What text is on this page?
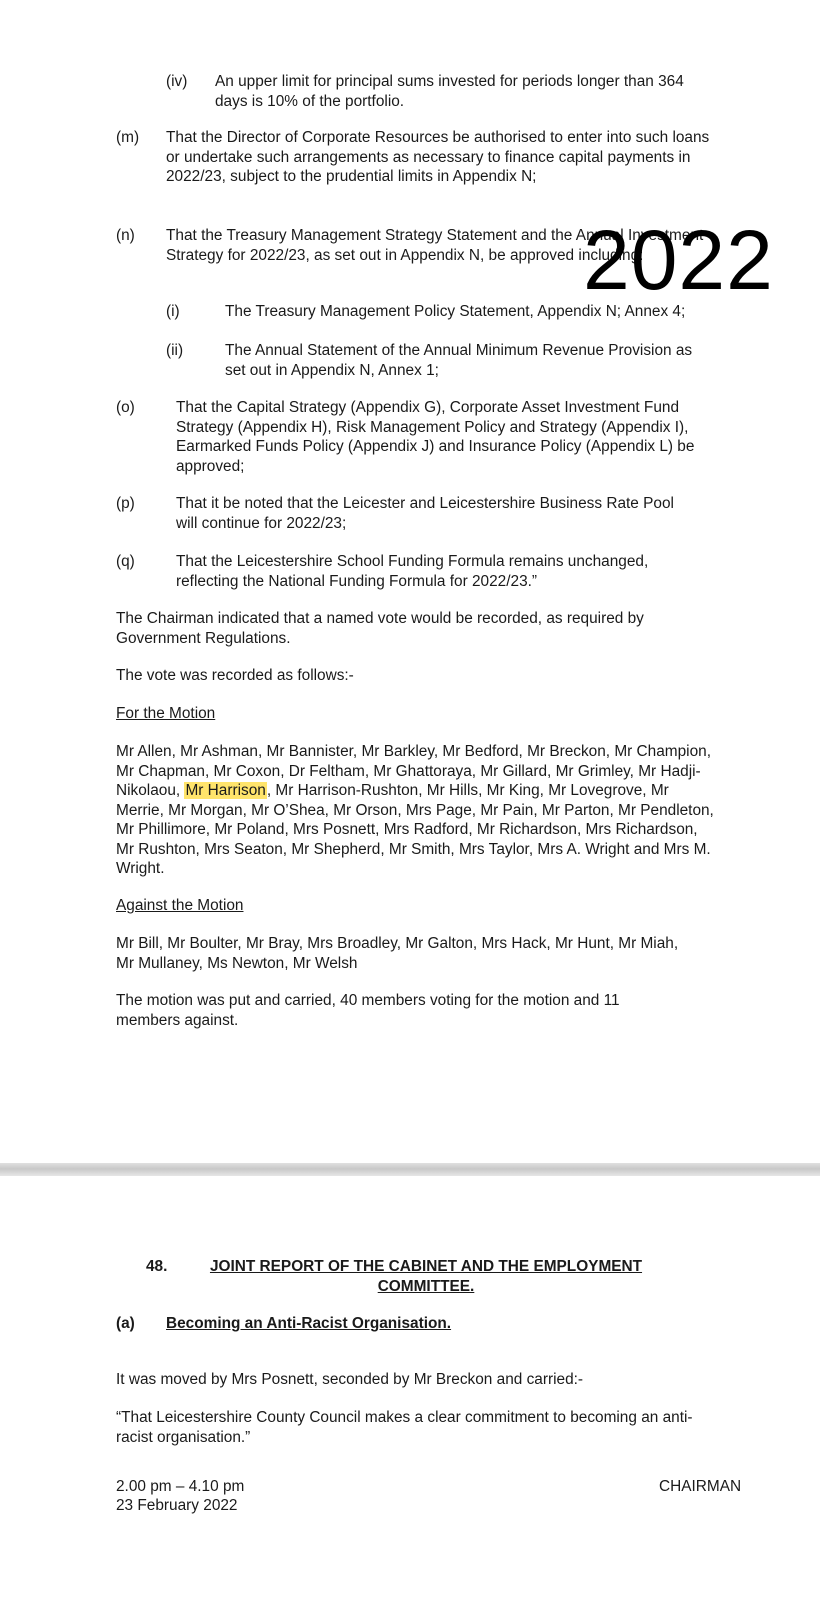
(iv) An upper limit for principal sums invested for periods longer than 364 days is 10% of the portfolio.
(m) That the Director of Corporate Resources be authorised to enter into such loans or undertake such arrangements as necessary to finance capital payments in 2022/23, subject to the prudential limits in Appendix N;
(n) That the Treasury Management Strategy Statement and the Annual Investment Strategy for 2022/23, as set out in Appendix N, be approved including:
(i)	The Treasury Management Policy Statement, Appendix N; Annex 4;
(ii)	The Annual Statement of the Annual Minimum Revenue Provision as set out in Appendix N, Annex 1;
(o)	That the Capital Strategy (Appendix G), Corporate Asset Investment Fund Strategy (Appendix H), Risk Management Policy and Strategy (Appendix I), Earmarked Funds Policy (Appendix J) and Insurance Policy (Appendix L) be approved;
(p)	That it be noted that the Leicester and Leicestershire Business Rate Pool will continue for 2022/23;
(q)	That the Leicestershire School Funding Formula remains unchanged, reflecting the National Funding Formula for 2022/23.”
The Chairman indicated that a named vote would be recorded, as required by Government Regulations.
The vote was recorded as follows:-
For the Motion
Mr Allen, Mr Ashman, Mr Bannister, Mr Barkley, Mr Bedford, Mr Breckon, Mr Champion, Mr Chapman, Mr Coxon, Dr Feltham, Mr Ghattoraya, Mr Gillard, Mr Grimley, Mr Hadji-Nikolaou, Mr Harrison, Mr Harrison-Rushton, Mr Hills, Mr King, Mr Lovegrove, Mr Merrie, Mr Morgan, Mr O’Shea, Mr Orson, Mrs Page, Mr Pain, Mr Parton, Mr Pendleton, Mr Phillimore, Mr Poland, Mrs Posnett, Mrs Radford, Mr Richardson, Mrs Richardson, Mr Rushton, Mrs Seaton, Mr Shepherd, Mr Smith, Mrs Taylor, Mrs A. Wright and Mrs M. Wright.
Against the Motion
Mr Bill, Mr Boulter, Mr Bray, Mrs Broadley, Mr Galton, Mrs Hack, Mr Hunt, Mr Miah, Mr Mullaney, Ms Newton, Mr Welsh
The motion was put and carried, 40 members voting for the motion and 11 members against.
2022
48.	JOINT REPORT OF THE CABINET AND THE EMPLOYMENT COMMITTEE.
(a) Becoming an Anti-Racist Organisation.
It was moved by Mrs Posnett, seconded by Mr Breckon and carried:-
“That Leicestershire County Council makes a clear commitment to becoming an anti-racist organisation.”
2.00 pm – 4.10 pm
23 February 2022
CHAIRMAN
